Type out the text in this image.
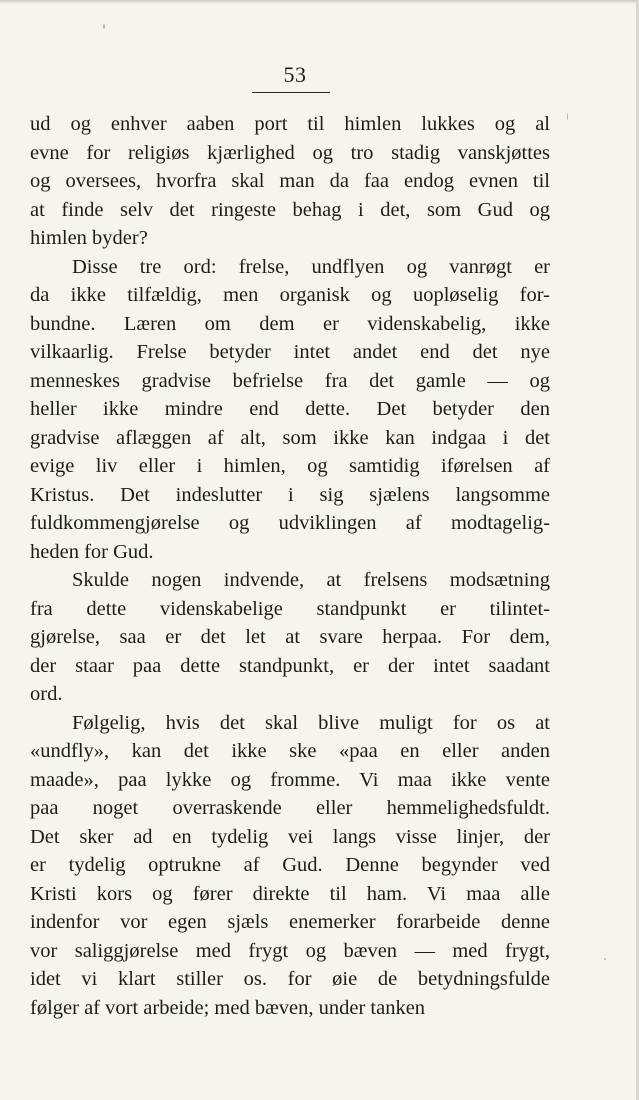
53
ud og enhver aaben port til himlen lukkes og al
evne for religiøs kjærlighed og tro stadig vanskjøttes
og oversees, hvorfra skal man da faa endog evnen til
at finde selv det ringeste behag i det, som Gud og
himlen byder?
Disse tre ord: frelse, undflyen og vanrøgt er
da ikke tilfældig, men organisk og uopløselig for-
bundne. Læren om dem er videnskabelig, ikke
vilkaarlig. Frelse betyder intet andet end det nye
menneskes gradvise befrielse fra det gamle — og
heller ikke mindre end dette. Det betyder den
gradvise aflæggen af alt, som ikke kan indgaa i det
evige liv eller i himlen, og samtidig iførelsen af
Kristus. Det indeslutter i sig sjælens langsomme
fuldkommengjørelse og udviklingen af modtagelig-
heden for Gud.
Skulde nogen indvende, at frelsens modsætning
fra dette videnskabelige standpunkt er tilintet-
gjørelse, saa er det let at svare herpaa. For dem,
der staar paa dette standpunkt, er der intet saadant
ord.
Følgelig, hvis det skal blive muligt for os at
«undfly», kan det ikke ske «paa en eller anden
maade», paa lykke og fromme. Vi maa ikke vente
paa noget overraskende eller hemmelighedsfuldt.
Det sker ad en tydelig vei langs visse linjer, der
er tydelig optrukne af Gud. Denne begynder ved
Kristi kors og fører direkte til ham. Vi maa alle
indenfor vor egen sjæls enemerker forarbeide denne
vor saliggjørelse med frygt og bæven — med frygt,
idet vi klart stiller os. for øie de betydningsfulde
følger af vort arbeide; med bæven, under tanken
